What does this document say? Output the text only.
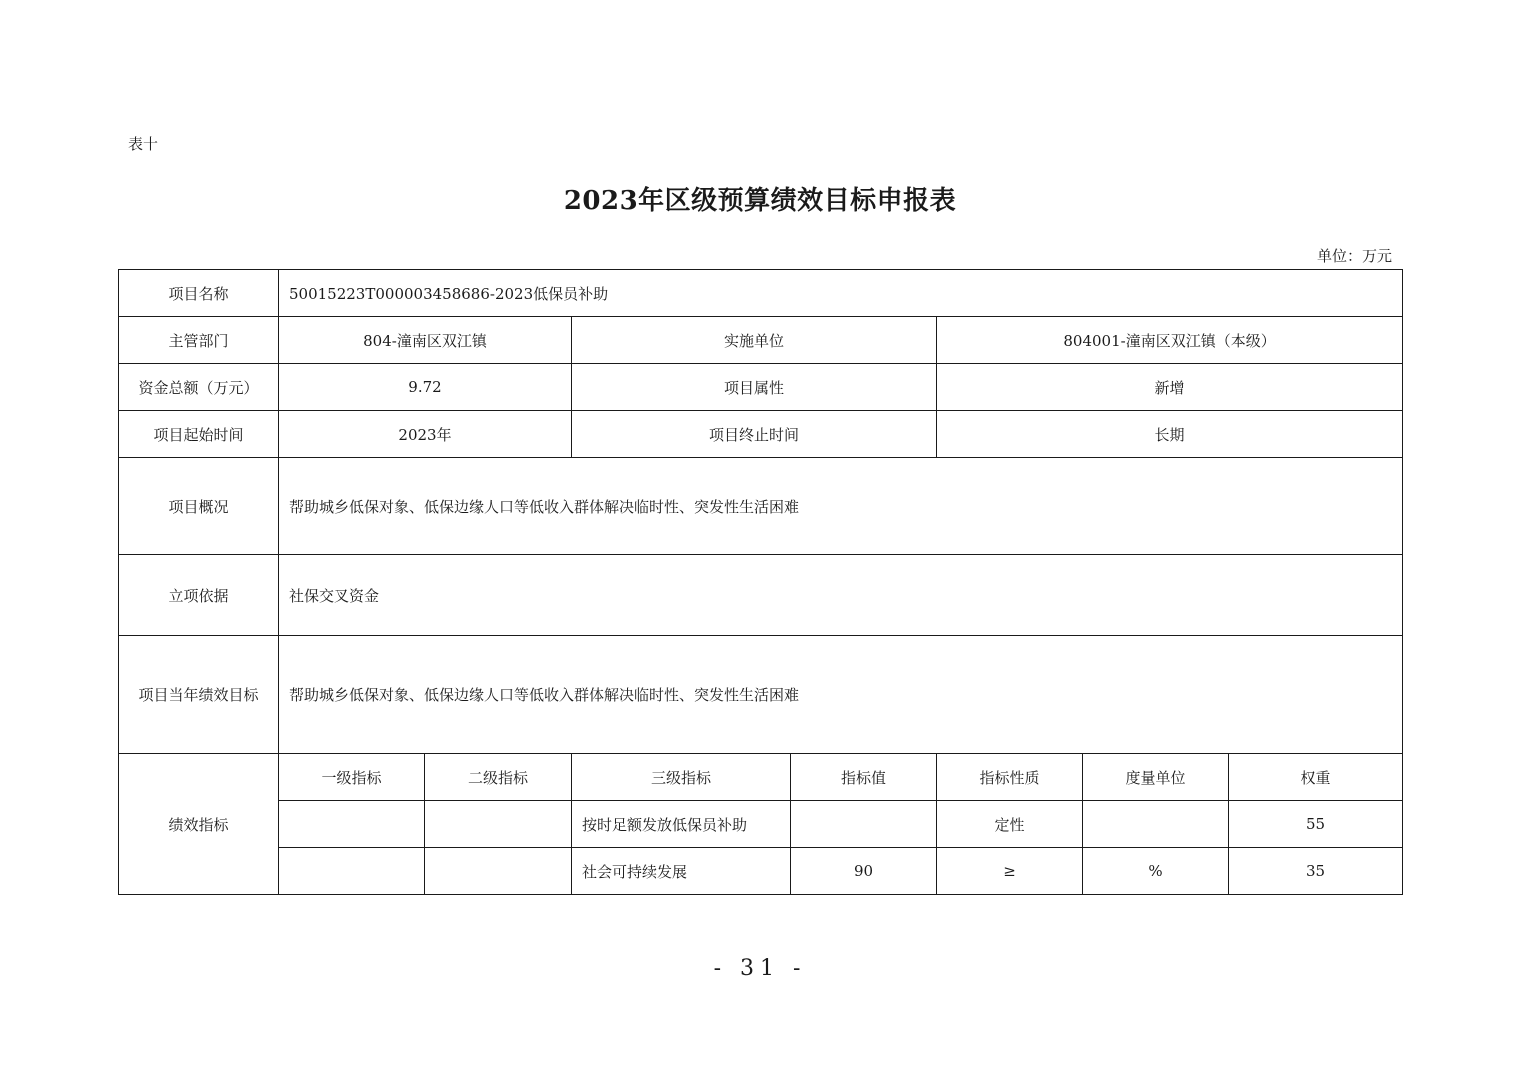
表十
2023年区级预算绩效目标申报表
单位：万元
项目名称	50015223T000003458686-2023低保员补助						
主管部门	804-潼南区双江镇		实施单位		804001-潼南区双江镇（本级）		
资金总额（万元）	9.72		项目属性		新增		
项目起始时间	2023年		项目终止时间		长期		
项目概况	帮助城乡低保对象、低保边缘人口等低收入群体解决临时性、突发性生活困难						
立项依据	社保交叉资金						
项目当年绩效目标	帮助城乡低保对象、低保边缘人口等低收入群体解决临时性、突发性生活困难						
绩效指标	一级指标	二级指标	三级指标	指标值	指标性质	度量单位	权重
			按时足额发放低保员补助		定性		55
			社会可持续发展	90	≥	%	35
- 31 -
